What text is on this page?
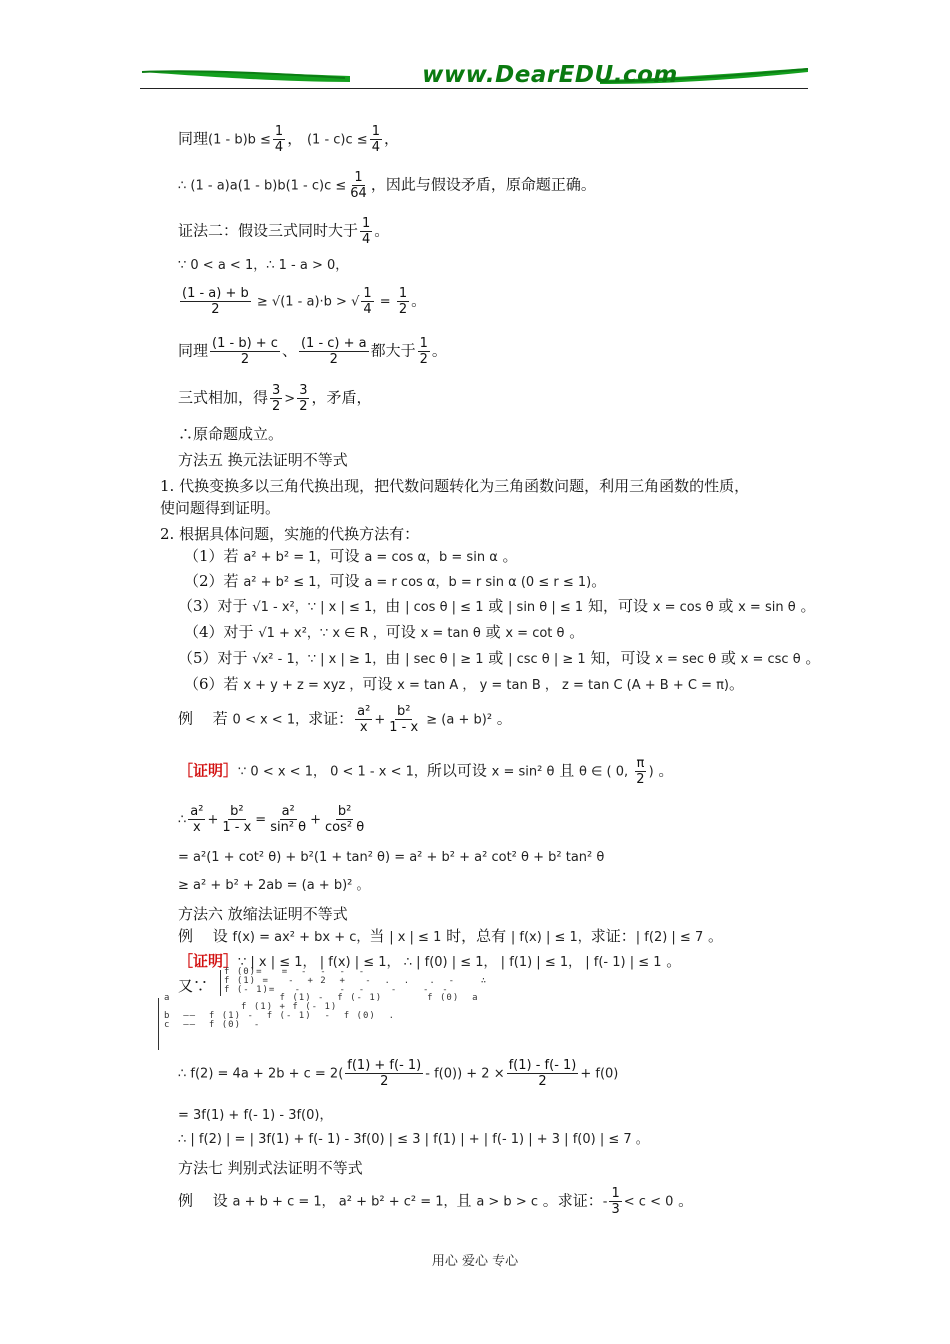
www.DearEDU.com
同理$(1 - b)b \le \frac{1}{4}$ ， $(1 - c)c \le \frac{1}{4}$ ，
∴ $(1 - a)a(1 - b)b(1 - c)c \le \frac{1}{64}$ ，因此与假设矛盾，原命题正确。
证法二：假设三式同时大于 $\frac{1}{4}$ 。
∵ 0 < a < 1，∴ 1 - a > 0，
$\frac{(1 - a) + b}{2} \ge √(1 - a)\cdot b$ > √ $\frac{1}{4} = \frac{1}{2}$ 。
同理 $\frac{(1 - b) + c}{2}$ 、 $\frac{(1 - c) + a}{2}$ 都大于 $\frac{1}{2}$ 。
三式相加，得 $\frac{3}{2} > \frac{3}{2}$ ，矛盾，
∴原命题成立。
方法五 换元法证明不等式
1. 代换变换多以三角代换出现，把代数问题转化为三角函数问题，利用三角函数的性质，
使问题得到证明。
2. 根据具体问题，实施的代换方法有：
（1）若 a² + b² = 1，可设 a = cos α，b = sin α 。
（2）若 a² + b² ≤ 1，可设 a = r cos α，b = r sin α (0 ≤ r ≤ 1)。
（3）对于 √1 - x²，∵ | x | ≤ 1，由 | cos θ | ≤ 1 或 | sin θ | ≤ 1 知，可设 x = cos θ 或 x = sin θ 。
（4）对于 √1 + x²，∵ x ∈ R ，可设 x = tan θ 或 x = cot θ 。
（5）对于 √x² - 1，∵ | x | ≥ 1，由 | sec θ | ≥ 1 或 | csc θ | ≥ 1 知，可设 x = sec θ 或 x = csc θ 。
（6）若 x + y + z = xyz ，可设 x = tan A ， y = tan B ， z = tan C (A + B + C = π)。
例　 若 0 < x < 1，求证： $\frac{\text{a²}}{x} + \frac{\text{b²}}{1 - x} \ge (a + b)^2$ 。
［证明］∵ 0 < x < 1， 0 < 1 - x < 1，所以可设 x = sin² θ 且 θ ∈ ( 0, $\frac{\pi}{2}$ ) 。
∴ $\frac{\text{a²}}{x} + \frac{\text{b²}}{1 - x} = \frac{\text{a²}}{\text{sin² θ}} + \frac{\text{b²}}{\text{cos² θ}}$
= a²(1 + cot² θ) + b²(1 + tan² θ) = a² + b² + a² cot² θ + b² tan² θ
≥ a² + b² + 2ab = (a + b)² 。
方法六 放缩法证明不等式
例　 设 f(x) = ax² + bx + c，当 | x | ≤ 1 时，总有 | f(x) | ≤ 1，求证：| f(2) | ≤ 7 。
［证明］∵ | x | ≤ 1， | f(x) | ≤ 1， ∴ | f(0) | ≤ 1， | f(1) | ≤ 1， | f(- 1) | ≤ 1 。
又∵
f (0)=   =  -  -  -  -
f (1) =   -  + 2  +   -  .  .   .  -    ∴
f (- 1)=   -      -  -    -    -  -
a                 f (1) -  f (- 1)       f (0)  a
f (1) + f (- 1)
b  ——  f (1) -  f (- 1)  -  f (0)  .
c  ——  f (0)  -
∴ $f(2) = 4a + 2b + c = 2( \frac{f(1) + f(- 1)}{2} - f(0)) + 2 \times \frac{f(1) - f(- 1)}{2} + f(0)$
= 3f(1) + f(- 1) - 3f(0)，
∴ | f(2) | = | 3f(1) + f(- 1) - 3f(0) | ≤ 3 | f(1) | + | f(- 1) | + 3 | f(0) | ≤ 7 。
方法七 判别式法证明不等式
例　 设 a + b + c = 1， a² + b² + c² = 1，且 a > b > c 。求证：- $\frac{1}{3} < c < 0$ 。
用心 爱心 专心
